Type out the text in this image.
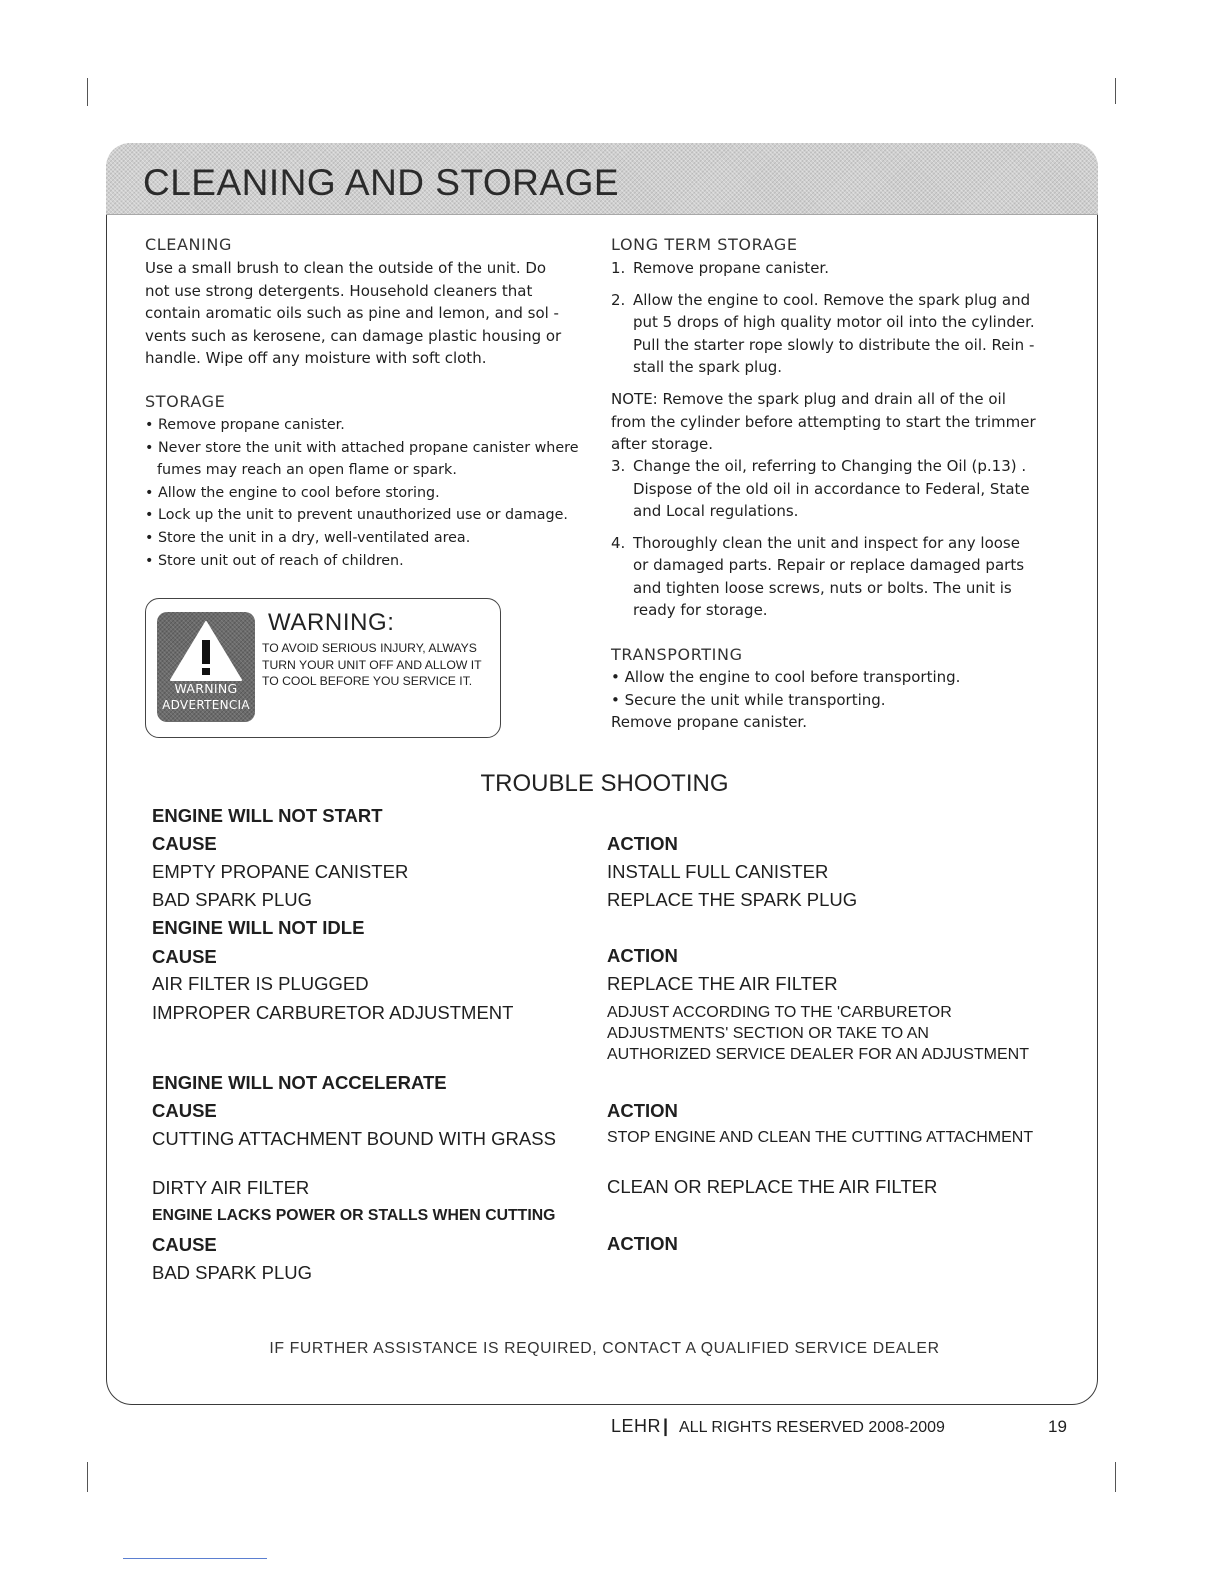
CLEANING AND STORAGE
CLEANING
Use a small brush to clean the outside of the unit. Do
not use strong detergents. Household cleaners that
contain aromatic oils such as pine and lemon, and sol -
vents such as kerosene, can damage plastic housing or
handle. Wipe off any moisture with soft cloth.
STORAGE
• Remove propane canister.
• Never store the unit with attached propane canister where
fumes may reach an open flame or spark.
• Allow the engine to cool before storing.
• Lock up the unit to prevent unauthorized use or damage.
• Store the unit in a dry, well-ventilated area.
• Store unit out of reach of children.
WARNING
ADVERTENCIA
WARNING:

TO AVOID SERIOUS INJURY, ALWAYS TURN YOUR UNIT OFF AND ALLOW IT TO COOL BEFORE YOU SERVICE IT.

LONG TERM STORAGE
1. Remove propane canister.
2. Allow the engine to cool. Remove the spark plug and
put 5 drops of high quality motor oil into the cylinder.
Pull the starter rope slowly to distribute the oil. Rein -
stall the spark plug.
NOTE: Remove the spark plug and drain all of the oil
from the cylinder before attempting to start the trimmer
after storage.
3. Change the oil, referring to Changing the Oil (p.13) .
Dispose of the old oil in accordance to Federal, State
and Local regulations.
4. Thoroughly clean the unit and inspect for any loose
or damaged parts. Repair or replace damaged parts
and tighten loose screws, nuts or bolts. The unit is
ready for storage.
TRANSPORTING
• Allow the engine to cool before transporting.
• Secure the unit while transporting.
Remove propane canister.
TROUBLE SHOOTING
ENGINE WILL NOT START
CAUSE	ACTION
EMPTY PROPANE CANISTER	INSTALL FULL CANISTER
BAD SPARK PLUG	REPLACE THE SPARK PLUG
ENGINE WILL NOT IDLE
CAUSE	ACTION
AIR FILTER IS PLUGGED	REPLACE THE AIR FILTER
IMPROPER CARBURETOR ADJUSTMENT	ADJUST ACCORDING TO THE 'CARBURETOR
ADJUSTMENTS' SECTION OR TAKE TO AN
AUTHORIZED SERVICE DEALER FOR AN ADJUSTMENT
ENGINE WILL NOT ACCELERATE
CAUSE	ACTION
CUTTING ATTACHMENT BOUND WITH GRASS	STOP ENGINE AND CLEAN THE CUTTING ATTACHMENT
DIRTY AIR FILTER	CLEAN OR REPLACE THE AIR FILTER
ENGINE LACKS POWER OR STALLS WHEN CUTTING
CAUSE	ACTION
BAD SPARK PLUG

IF FURTHER ASSISTANCE IS REQUIRED, CONTACT A QUALIFIED SERVICE DEALER

LEHR | ALL RIGHTS RESERVED 2008-2009	19
